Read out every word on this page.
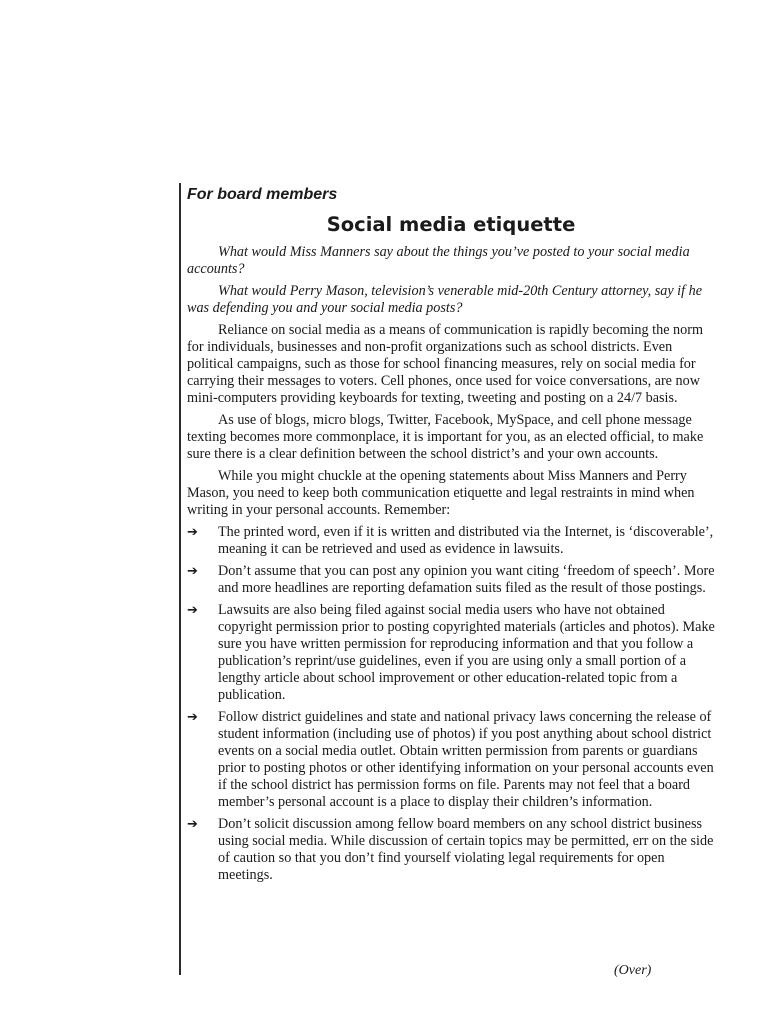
For board members
Social media etiquette

What would Miss Manners say about the things you’ve posted to your social media accounts?

What would Perry Mason, television’s venerable mid-20th Century attorney, say if he was defending you and your social media posts?

Reliance on social media as a means of communication is rapidly becoming the norm for individuals, businesses and non-profit organizations such as school districts. Even political campaigns, such as those for school financing measures, rely on social media for carrying their messages to voters. Cell phones, once used for voice conversations, are now mini-computers providing keyboards for texting, tweeting and posting on a 24/7 basis.

As use of blogs, micro blogs, Twitter, Facebook, MySpace, and cell phone message texting becomes more commonplace, it is important for you, as an elected official, to make sure there is a clear definition between the school district’s and your own accounts.

While you might chuckle at the opening statements about Miss Manners and Perry Mason, you need to keep both communication etiquette and legal restraints in mind when writing in your personal accounts. Remember:

➔	The printed word, even if it is written and distributed via the Internet, is ‘discoverable’, meaning it can be retrieved and used as evidence in lawsuits.
➔	Don’t assume that you can post any opinion you want citing ‘freedom of speech’. More and more headlines are reporting defamation suits filed as the result of those postings.
➔	Lawsuits are also being filed against social media users who have not obtained copyright permission prior to posting copyrighted materials (articles and photos). Make sure you have written permission for reproducing information and that you follow a publication’s reprint/use guidelines, even if you are using only a small portion of a lengthy article about school improvement or other education-related topic from a publication.
➔	Follow district guidelines and state and national privacy laws concerning the release of student information (including use of photos) if you post anything about school district events on a social media outlet. Obtain written permission from parents or guardians prior to posting photos or other identifying information on your personal accounts even if the school district has permission forms on file. Parents may not feel that a board member’s personal account is a place to display their children’s information.
➔	Don’t solicit discussion among fellow board members on any school district business using social media. While discussion of certain topics may be permitted, err on the side of caution so that you don’t find yourself violating legal requirements for open meetings.
(Over)
